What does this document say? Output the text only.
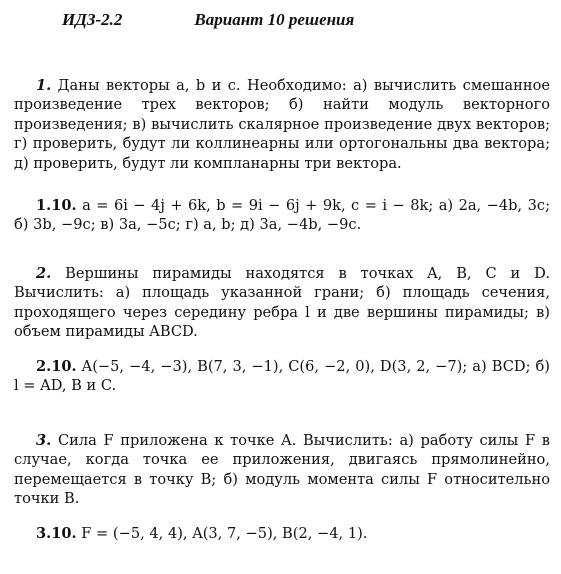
ИДЗ-2.2	Вариант 10 решения

1. Даны векторы a, b и c. Необходимо: а) вычислить смешанное произведение трех векторов; б) найти модуль векторного произведения; в) вычислить скалярное произведение двух векторов; г) проверить, будут ли коллинеарны или ортогональны два вектора; д) проверить, будут ли компланарны три вектора.

1.10. a = 6i − 4j + 6k, b = 9i − 6j + 9k, c = i − 8k; а) 2a, −4b, 3c; б) 3b, −9c; в) 3a, −5c; г) a, b; д) 3a, −4b, −9c.

2. Вершины пирамиды находятся в точках A, B, C и D. Вычислить: а) площадь указанной грани; б) площадь сечения, проходящего через середину ребра l и две вершины пирамиды; в) объем пирамиды ABCD.

2.10. A(−5, −4, −3), B(7, 3, −1), C(6, −2, 0), D(3, 2, −7); а) BCD; б) l = AD, B и C.

3. Сила F приложена к точке A. Вычислить: а) работу силы F в случае, когда точка ее приложения, двигаясь прямолинейно, перемещается в точку B; б) модуль момента силы F относительно точки B.

3.10. F = (−5, 4, 4), A(3, 7, −5), B(2, −4, 1).
